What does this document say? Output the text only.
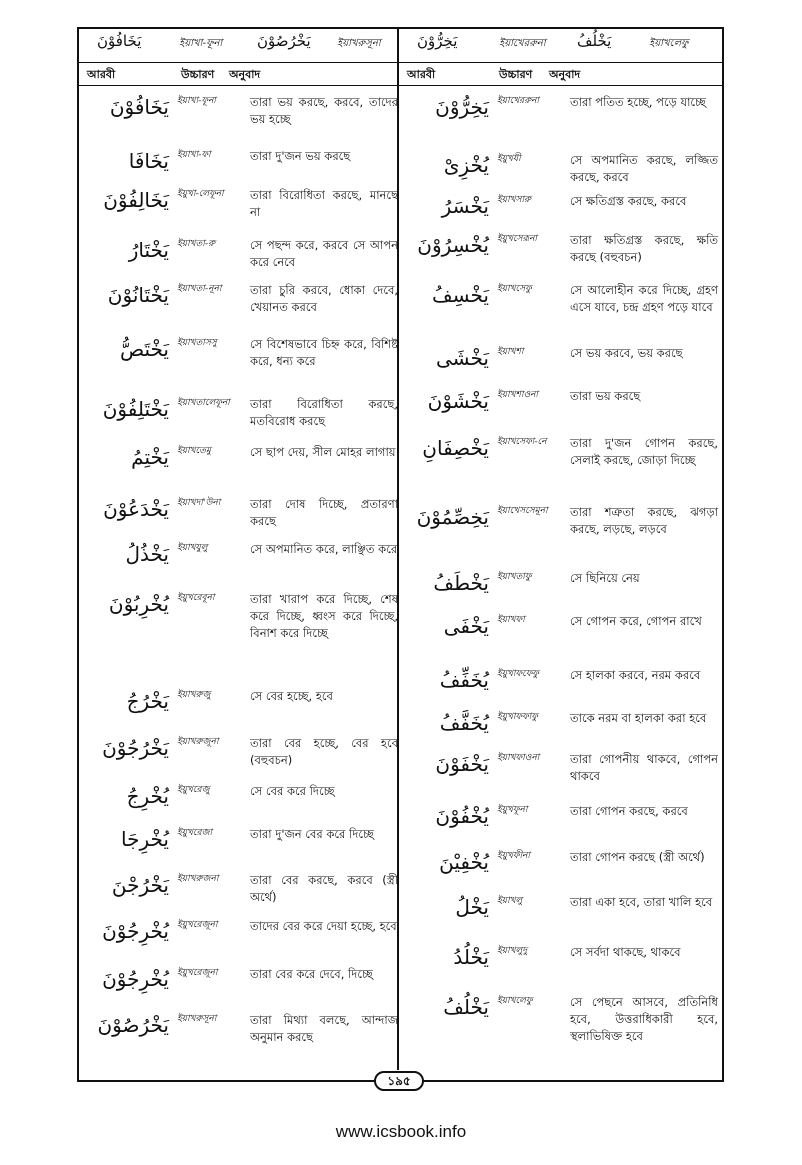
يَخَافُوْنَ	ইয়াখা-ফূনা يَخْرُصُوْنَ	ইয়াখরুসূনা
আরবী	উচ্চারণ অনুবাদ
يَخَافُوْنَ ইয়াখা-ফূনা	তারা ভয় করছে, করবে, তাদের ভয় হচ্ছে
يَخَافَا ইয়াখা-ফা	তারা দু'জন ভয় করছে
يَخَالِفُوْنَ ইয়ুখা-লেফূনা	তারা বিরোধিতা করছে, মানছে না
يَخْتَارُ ইয়াখতা-রু	সে পছন্দ করে, করবে সে আপন করে নেবে
يَخْتَانُوْنَ ইয়াখতা-নূনা	তারা চুরি করবে, ধোকা দেবে, খেয়ানত করবে
يَخْتَصُّ ইয়াখতাসসু	সে বিশেষভাবে চিহ্ন করে, বিশিষ্ট করে, ধন্য করে
يَخْتَلِفُوْنَ ইয়াখতালেফূনা	তারা বিরোধিতা করছে, মতবিরোধ করছে
يَخْتِمُ ইয়াখতেমু	সে ছাপ দেয়, সীল মোহর লাগায়
يَخْدَعُوْنَ ইয়াখদা'উনা	তারা দোষ দিচ্ছে, প্রতারণা করছে
يَخْذُلُ ইয়াখযুলু	সে অপমানিত করে, লাঞ্ছিত করে
يُخْرِبُوْنَ ইয়ুখরেবূনা	তারা খারাপ করে দিচ্ছে, শেষ করে দিচ্ছে, ধ্বংস করে দিচ্ছে, বিনাশ করে দিচ্ছে
يَخْرُجُ ইয়াখরুজু	সে বের হচ্ছে, হবে
يَخْرُجُوْنَ ইয়াখরুজূনা	তারা বের হচ্ছে, বের হবে (বহুবচন)
يُخْرِجُ ইয়ুখরেজু	সে বের করে দিচ্ছে
يُخْرِجَا ইয়ুখরেজা	তারা দু'জন বের করে দিচ্ছে
يَخْرُجْنَ ইয়াখরুজনা	তারা বের করছে, করবে (স্ত্রী অর্থে)
يُخْرِجُوْنَ ইয়ুখরেজূনা	তাদের বের করে দেয়া হচ্ছে, হবে
يُخْرِجُوْنَ ইয়ুখরেজূনা	তারা বের করে দেবে, দিচ্ছে
يَخْرُصُوْنَ ইয়াখরুসূনা	তারা মিথ্যা বলছে, আন্দাজ অনুমান করছে
يَخِرُّوْنَ	ইয়াখেররুনা يَخْلُفُ	ইয়াখলেফু
আরবী	উচ্চারণ অনুবাদ
يَخِرُّوْنَ ইয়াখেররুনা	তারা পতিত হচ্ছে, পড়ে যাচ্ছে
يُخْزِىْ ইয়ুখযী	সে অপমানিত করছে, লজ্জিত করছে, করবে
يَخْسَرُ ইয়াখসারু	সে ক্ষতিগ্রস্ত করছে, করবে
يُخْسِرُوْنَ ইয়ুখসেরূনা	তারা ক্ষতিগ্রস্ত করছে, ক্ষতি করছে (বহুবচন)
يَخْسِفُ ইয়াখসেফু	সে আলোহীন করে দিচ্ছে, গ্রহণ এসে যাবে, চন্দ্র গ্রহণ পড়ে যাবে
يَخْشَى ইয়াখশা	সে ভয় করবে, ভয় করছে
يَخْشَوْنَ ইয়াখশাওনা	তারা ভয় করছে
يَخْصِفَانِ ইয়াখসেফা-নে	তারা দু'জন গোপন করছে, সেলাই করছে, জোড়া দিচ্ছে
يَخِصِّمُوْنَ ইয়াখেসসেমূনা	তারা শত্রুতা করছে, ঝগড়া করছে, লড়ছে, লড়বে
يَخْطَفُ ইয়াখতাফু	সে ছিনিয়ে নেয়
يَخْفَى ইয়াখফা	সে গোপন করে, গোপন রাখে
يُخَفِّفُ ইয়ুখাফফেফু	সে হালকা করবে, নরম করবে
يُخَفَّفُ ইয়ুখাফফাফু	তাকে নরম বা হালকা করা হবে
يَخْفَوْنَ ইয়াখফাওনা	তারা গোপনীয় থাকবে, গোপন থাকবে
يُخْفُوْنَ ইয়ুখফূনা	তারা গোপন করছে, করবে
يُخْفِيْنَ ইয়ুখফীনা	তারা গোপন করছে (স্ত্রী অর্থে)
يَخْلُ ইয়াখলু	তারা একা হবে, তারা খালি হবে
يَخْلُدُ ইয়াখলুদু	সে সর্বদা থাকছে, থাকবে
يَخْلُفُ ইয়াখলেফু	সে পেছনে আসবে, প্রতিনিধি হবে, উত্তরাধিকারী হবে, স্থলাভিষিক্ত হবে
১৯৫
www.icsbook.info
